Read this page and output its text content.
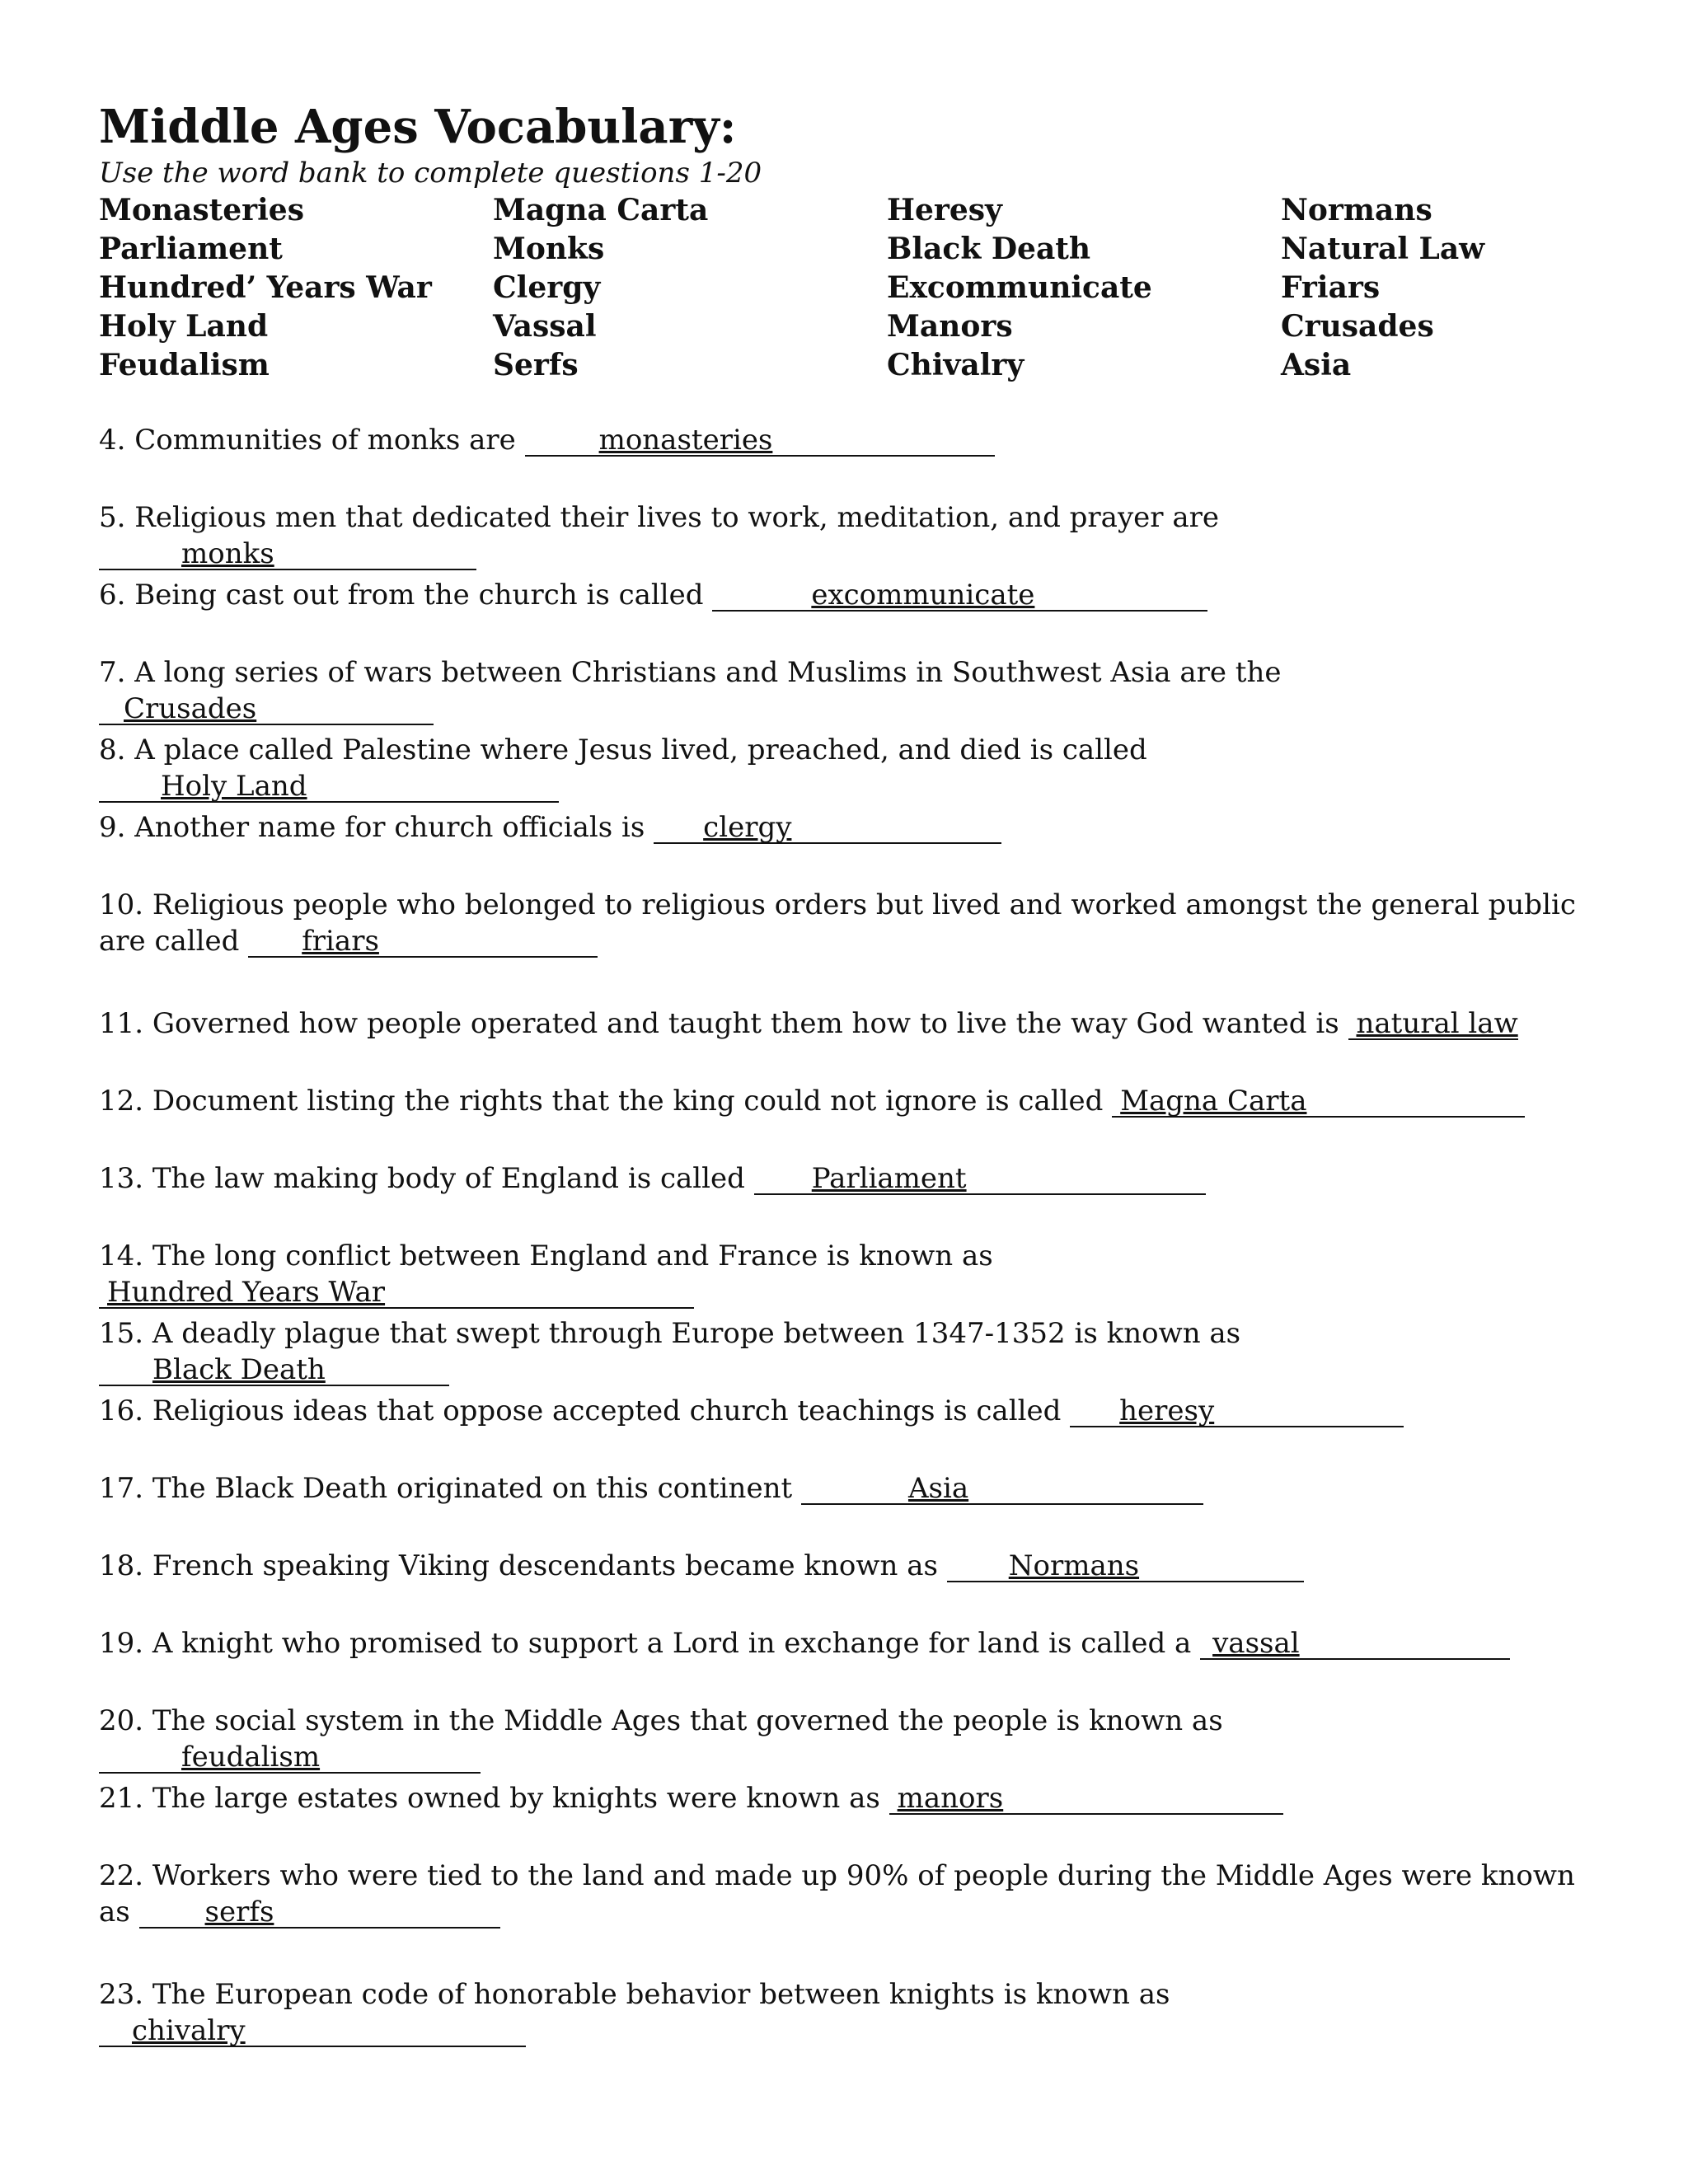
Middle Ages Vocabulary:

Use the word bank to complete questions 1-20

Monasteries	Magna Carta	Heresy	Normans
Parliament	Monks	Black Death	Natural Law
Hundred’ Years War	Clergy	Excommunicate	Friars
Holy Land	Vassal	Manors	Crusades
Feudalism	Serfs	Chivalry	Asia

4. Communities of monks are	monasteries

5. Religious men that dedicated their lives to work, meditation, and prayer are monks

6. Being cast out from the church is called	excommunicate

7. A long series of wars between Christians and Muslims in Southwest Asia are the Crusades

8. A place called Palestine where Jesus lived, preached, and died is called Holy Land

9. Another name for church officials is clergy

10. Religious people who belonged to religious orders but lived and worked amongst the general public are called friars

11. Governed how people operated and taught them how to live the way God wanted is natural law

12. Document listing the rights that the king could not ignore is called Magna Carta

13. The law making body of England is called Parliament

14. The long conflict between England and France is known as Hundred Years War

15. A deadly plague that swept through Europe between 1347-1352 is known as Black Death

16. Religious ideas that oppose accepted church teachings is called heresy

17. The Black Death originated on this continent	Asia

18. French speaking Viking descendants became known as Normans

19. A knight who promised to support a Lord in exchange for land is called a vassal

20. The social system in the Middle Ages that governed the people is known as feudalism

21. The large estates owned by knights were known as manors

22. Workers who were tied to the land and made up 90% of people during the Middle Ages were known as serfs

23. The European code of honorable behavior between knights is known as chivalry
